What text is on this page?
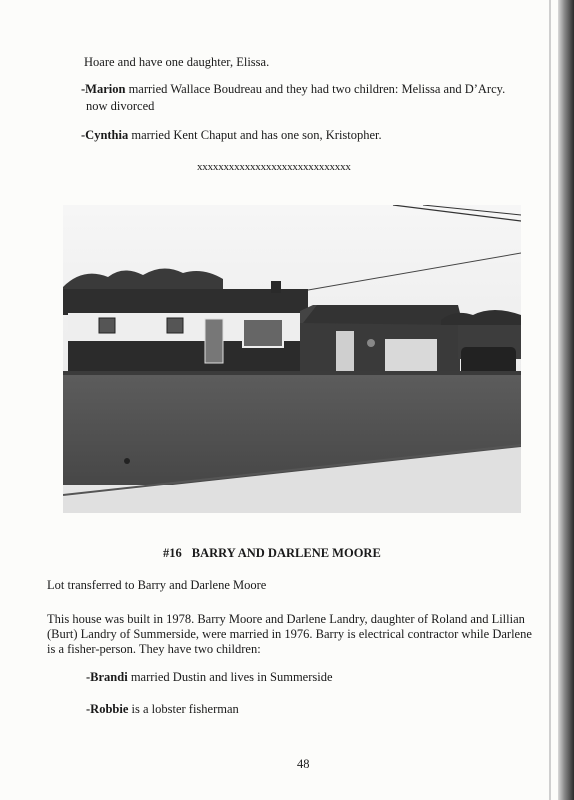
Hoare and have one daughter, Elissa.
-Marion married Wallace Boudreau and they had two children: Melissa and D’Arcy.
now divorced
-Cynthia married Kent Chaput and has one son, Kristopher.
xxxxxxxxxxxxxxxxxxxxxxxxxxxxx
#16 BARRY AND DARLENE MOORE
Lot transferred to Barry and Darlene Moore
This house was built in 1978. Barry Moore and Darlene Landry, daughter of Roland and Lillian
(Burt) Landry of Summerside, were married in 1976. Barry is electrical contractor while Darlene
is a fisher-person. They have two children:
-Brandi married Dustin and lives in Summerside
-Robbie is a lobster fisherman
48
